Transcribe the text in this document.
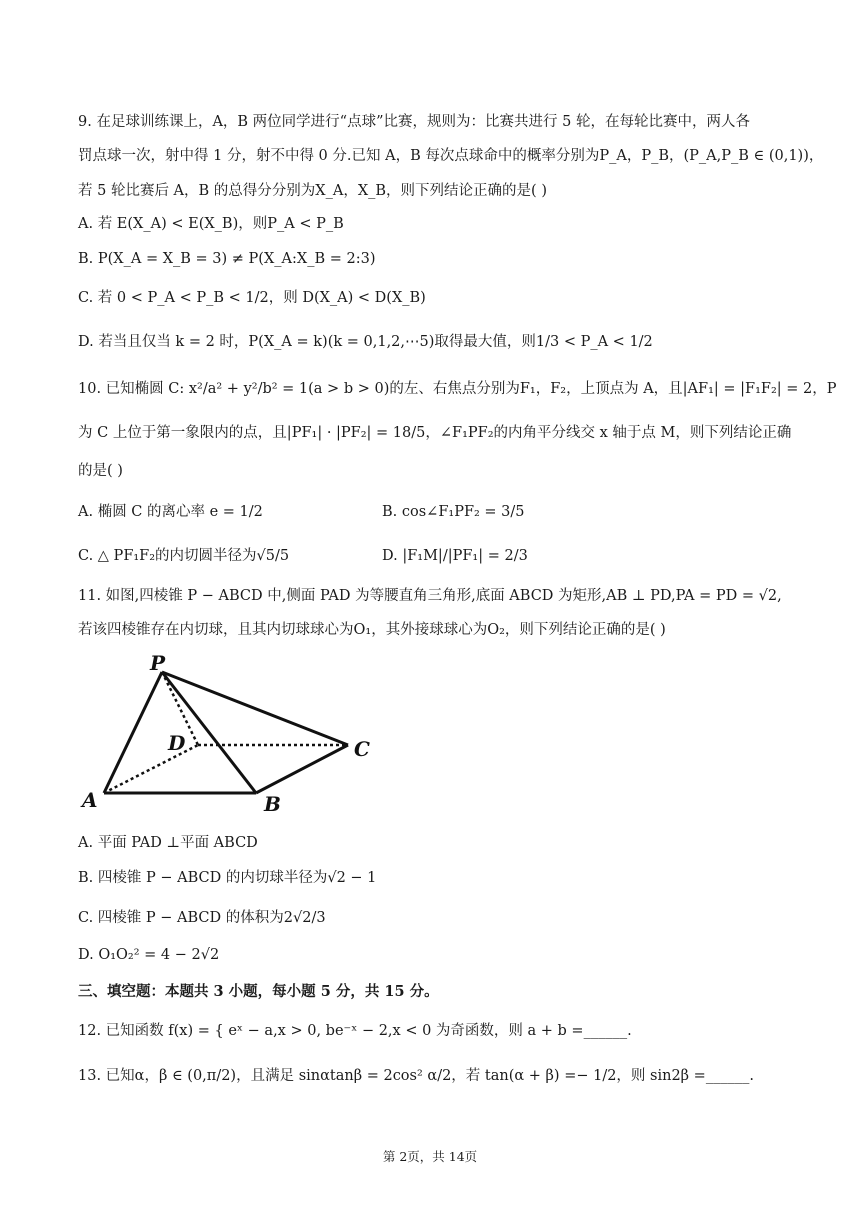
9. 在足球训练课上，A，B 两位同学进行“点球”比赛，规则为：比赛共进行 5 轮，在每轮比赛中，两人各
罚点球一次，射中得 1 分，射不中得 0 分.已知 A，B 每次点球命中的概率分别为P_A，P_B，(P_A,P_B ∈ (0,1))，
若 5 轮比赛后 A，B 的总得分分别为X_A，X_B，则下列结论正确的是( )
A. 若 E(X_A) < E(X_B)，则P_A < P_B
B. P(X_A = X_B = 3) ≠ P(X_A:X_B = 2:3)
C. 若 0 < P_A < P_B < 1/2，则 D(X_A) < D(X_B)
D. 若当且仅当 k = 2 时，P(X_A = k)(k = 0,1,2,⋯5)取得最大值，则1/3 < P_A < 1/2
10. 已知椭圆 C: x²/a² + y²/b² = 1(a > b > 0)的左、右焦点分别为F₁，F₂，上顶点为 A，且|AF₁| = |F₁F₂| = 2，P
为 C 上位于第一象限内的点，且|PF₁| · |PF₂| = 18/5，∠F₁PF₂的内角平分线交 x 轴于点 M，则下列结论正确
的是( )
A. 椭圆 C 的离心率 e = 1/2	B. cos∠F₁PF₂ = 3/5
C. △ PF₁F₂的内切圆半径为√5/5	D. |F₁M|/|PF₁| = 2/3
11. 如图,四棱锥 P − ABCD 中,侧面 PAD 为等腰直角三角形,底面 ABCD 为矩形,AB ⊥ PD,PA = PD = √2,
若该四棱锥存在内切球，且其内切球球心为O₁，其外接球球心为O₂，则下列结论正确的是( )
P
D	C
A	B
A. 平面 PAD ⊥平面 ABCD
B. 四棱锥 P − ABCD 的内切球半径为√2 − 1
C. 四棱锥 P − ABCD 的体积为2√2/3
D. O₁O₂² = 4 − 2√2
三、填空题：本题共 3 小题，每小题 5 分，共 15 分。
12. 已知函数 f(x) = { eˣ − a,x > 0, be⁻ˣ − 2,x < 0 为奇函数，则 a + b =______.
13. 已知α，β ∈ (0,π/2)，且满足 sinαtanβ = 2cos² α/2，若 tan(α + β) =− 1/2，则 sin2β =______.
第 2页，共 14页
